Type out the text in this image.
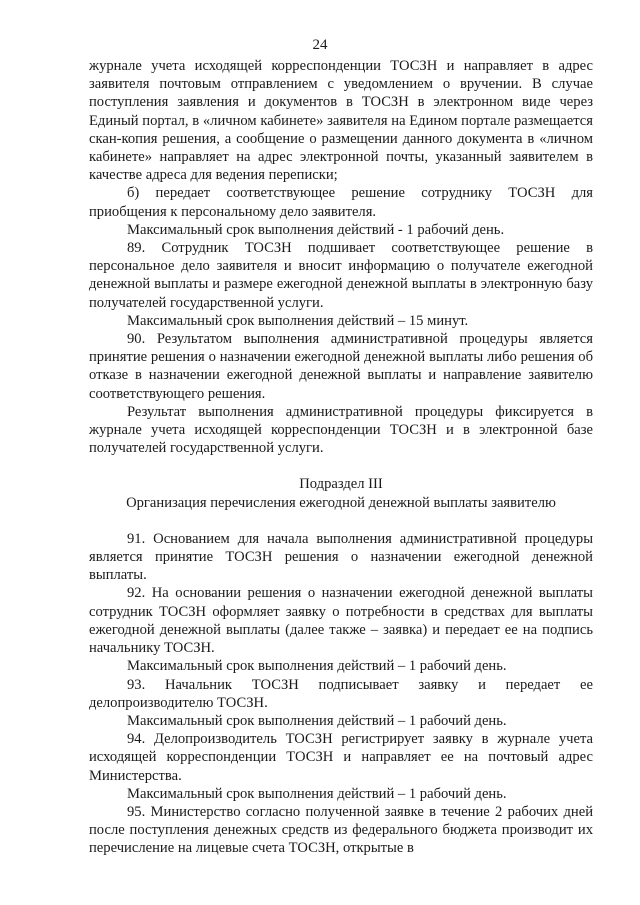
24

журнале учета исходящей корреспонденции ТОСЗН и направляет в адрес заявителя почтовым отправлением с уведомлением о вручении. В случае поступления заявления и документов в ТОСЗН в электронном виде через Единый портал, в «личном кабинете» заявителя на Едином портале размещается скан-копия решения, а сообщение о размещении данного документа в «личном кабинете» направляет на адрес электронной почты, указанный заявителем в качестве адреса для ведения переписки;

б) передает соответствующее решение сотруднику ТОСЗН для приобщения к персональному дело заявителя.

Максимальный срок выполнения действий - 1 рабочий день.

89. Сотрудник ТОСЗН подшивает соответствующее решение в персональное дело заявителя и вносит информацию о получателе ежегодной денежной выплаты и размере ежегодной денежной выплаты в электронную базу получателей государственной услуги.

Максимальный срок выполнения действий – 15 минут.

90. Результатом выполнения административной процедуры является принятие решения о назначении ежегодной денежной выплаты либо решения об отказе в назначении ежегодной денежной выплаты и направление заявителю соответствующего решения.

Результат выполнения административной процедуры фиксируется в журнале учета исходящей корреспонденции ТОСЗН и в электронной базе получателей государственной услуги.

Подраздел III
Организация перечисления ежегодной денежной выплаты заявителю

91. Основанием для начала выполнения административной процедуры является принятие ТОСЗН решения о назначении ежегодной денежной выплаты.

92. На основании решения о назначении ежегодной денежной выплаты сотрудник ТОСЗН оформляет заявку о потребности в средствах для выплаты ежегодной денежной выплаты (далее также – заявка) и передает ее на подпись начальнику ТОСЗН.

Максимальный срок выполнения действий – 1 рабочий день.

93. Начальник ТОСЗН подписывает заявку и передает ее делопроизводителю ТОСЗН.

Максимальный срок выполнения действий – 1 рабочий день.

94. Делопроизводитель ТОСЗН регистрирует заявку в журнале учета исходящей корреспонденции ТОСЗН и направляет ее на почтовый адрес Министерства.

Максимальный срок выполнения действий – 1 рабочий день.

95. Министерство согласно полученной заявке в течение 2 рабочих дней после поступления денежных средств из федерального бюджета производит их перечисление на лицевые счета ТОСЗН, открытые в
